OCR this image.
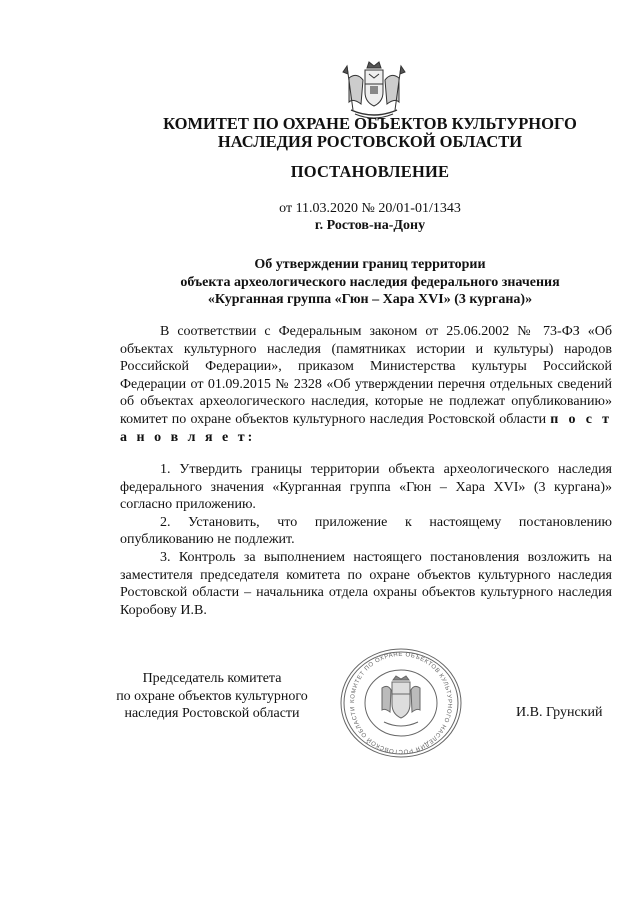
КОМИТЕТ ПО ОХРАНЕ ОБЪЕКТОВ КУЛЬТУРНОГО
НАСЛЕДИЯ РОСТОВСКОЙ ОБЛАСТИ
ПОСТАНОВЛЕНИЕ
от 11.03.2020 № 20/01-01/1343
г. Ростов-на-Дону
Об утверждении границ территории
объекта археологического наследия федерального значения
«Курганная группа «Гюн – Хара XVI» (3 кургана)»

В соответствии с Федеральным законом от 25.06.2002 № 73-ФЗ «Об объектах культурного наследия (памятниках истории и культуры) народов Российской Федерации», приказом Министерства культуры Российской Федерации от 01.09.2015 № 2328 «Об утверждении перечня отдельных сведений об объектах археологического наследия, которые не подлежат опубликованию» комитет по охране объектов культурного наследия Ростовской области п о с т а н о в л я е т:

1. Утвердить границы территории объекта археологического наследия федерального значения «Курганная группа «Гюн – Хара XVI» (3 кургана)» согласно приложению.

2. Установить, что приложение к настоящему постановлению опубликованию не подлежит.

3. Контроль за выполнением настоящего постановления возложить на заместителя председателя комитета по охране объектов культурного наследия Ростовской области – начальника отдела охраны объектов культурного наследия Коробову И.В.

Председатель комитета
по охране объектов культурного
наследия Ростовской области
КОМИТЕТ ПО ОХРАНЕ ОБЪЕКТОВ КУЛЬТУРНОГО НАСЛЕДИЯ РОСТОВСКОЙ ОБЛАСТИ	И.В. Грунский
